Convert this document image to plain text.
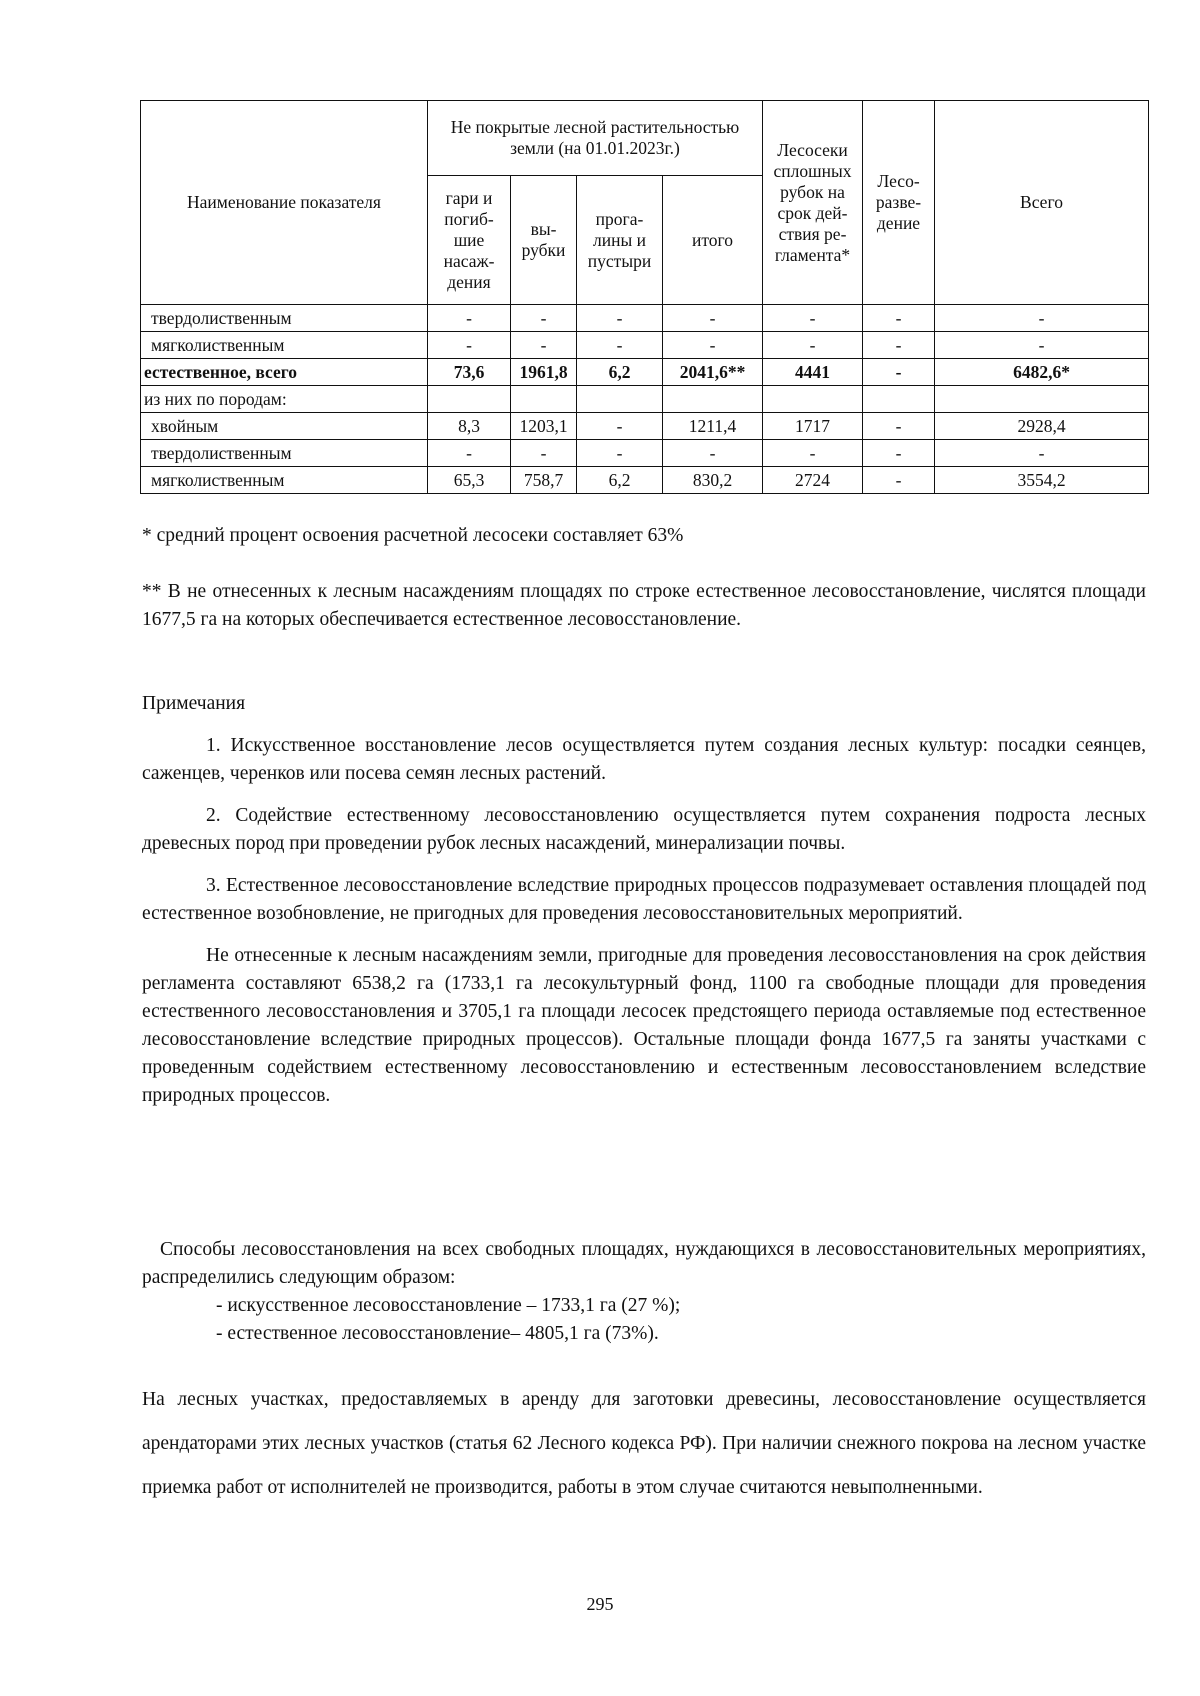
Наименование показателя	Не покрытые лесной растительностью земли (на 01.01.2023г.)				Лесосеки сплошных рубок на срок дей-ствия ре-гламента*	Лесо-разве-дение	Всего
	гари и погиб-шие насаж-дения	вы-рубки	прога-лины и пустыри	итого			
твердолиственным	-	-	-	-	-	-	-
мягколиственным	-	-	-	-	-	-	-
естественное, всего	73,6	1961,8	6,2	2041,6**	4441	-	6482,6*
из них по породам:							
хвойным	8,3	1203,1	-	1211,4	1717	-	2928,4
твердолиственным	-	-	-	-	-	-	-
мягколиственным	65,3	758,7	6,2	830,2	2724	-	3554,2
* средний процент освоения расчетной лесосеки составляет 63%
** В не отнесенных к лесным насаждениям площадях по строке естественное лесовосстановление, числятся площади 1677,5 га на которых обеспечивается естественное лесовосстановление.

Примечания

1. Искусственное восстановление лесов осуществляется путем создания лесных культур: посадки сеянцев, саженцев, черенков или посева семян лесных растений.

2. Содействие естественному лесовосстановлению осуществляется путем сохранения подроста лесных древесных пород при проведении рубок лесных насаждений, минерализации почвы.

3. Естественное лесовосстановление вследствие природных процессов подразумевает оставления площадей под естественное возобновление, не пригодных для проведения лесовосстановительных мероприятий.

Не отнесенные к лесным насаждениям земли, пригодные для проведения лесовосстановления на срок действия регламента составляют 6538,2 га (1733,1 га лесокультурный фонд, 1100 га свободные площади для проведения естественного лесовосстановления и 3705,1 га площади лесосек предстоящего периода оставляемые под естественное лесовосстановление вследствие природных процессов). Остальные площади фонда 1677,5 га заняты участками с проведенным содействием естественному лесовосстановлению и естественным лесовосстановлением вследствие природных процессов.

Способы лесовосстановления на всех свободных площадях, нуждающихся в лесовосстановительных мероприятиях, распределились следующим образом:
- искусственное лесовосстановление – 1733,1 га (27 %);
- естественное лесовосстановление– 4805,1 га (73%).
На лесных участках, предоставляемых в аренду для заготовки древесины, лесовосстановление осуществляется арендаторами этих лесных участков (статья 62 Лесного кодекса РФ). При наличии снежного покрова на лесном участке приемка работ от исполнителей не производится, работы в этом случае считаются невыполненными.
295
